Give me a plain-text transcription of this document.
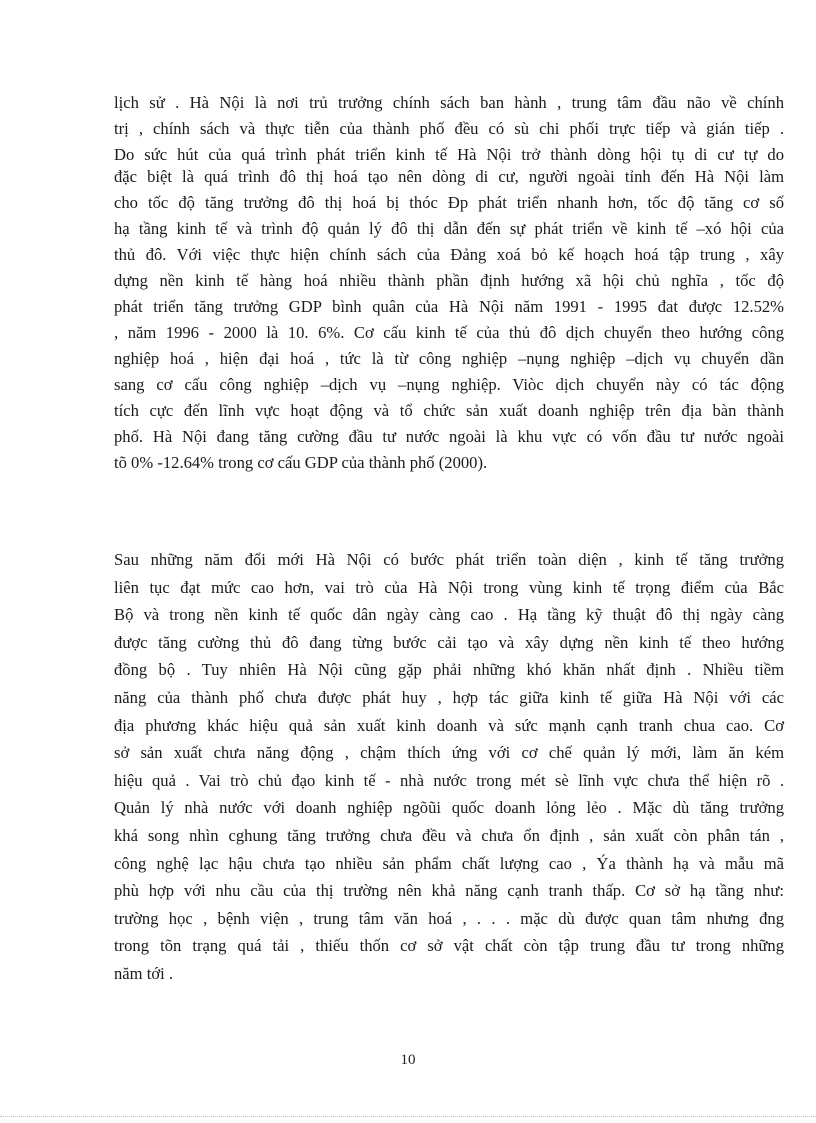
lịch sử . Hà Nội là nơi trủ trưởng chính sách ban hành , trung tâm đầu não về chính
trị , chính sách và thực tiễn của thành phố đều có sù chi phối trực tiếp và gián tiếp .
Do sức hút của quá trình phát triển kinh tế Hà Nội trở thành dòng hội tụ di cư tự do
đặc biệt là quá trình đô thị hoá tạo nên dòng di cư, người ngoài tỉnh đến Hà Nội làm
cho tốc độ tăng trưởng đô thị hoá bị thóc Đp phát triển nhanh hơn, tốc độ tăng cơ số
hạ tầng kinh tế và trình độ quản lý đô thị dẫn đến sự phát triển về kinh tế –xó hội của
thủ đô. Với việc thực hiện chính sách của Đảng xoá bỏ kế hoạch hoá tập trung , xây
dựng nền kinh tế hàng hoá nhiều thành phần định hướng xã hội chủ nghĩa , tốc độ
phát triển tăng trưởng GDP bình quân của Hà Nội năm 1991 - 1995 đat được 12.52%
, năm 1996 - 2000 là 10. 6%. Cơ cấu kinh tế của thủ đô dịch chuyển theo hướng công
nghiệp hoá , hiện đại hoá , tức là từ công nghiệp –nụng nghiệp –dịch vụ chuyển dần
sang cơ cấu công nghiệp –dịch vụ –nụng nghiệp. Viòc dịch chuyển này có tác động
tích cực đến lĩnh vực hoạt động và tổ chức sản xuất doanh nghiệp trên địa bàn thành
phố. Hà Nội đang tăng cường đầu tư nước ngoài là khu vực có vốn đầu tư nước ngoài
tõ 0% -12.64% trong cơ cấu GDP của thành phố (2000).
Sau những năm đổi mới Hà Nội có bước phát triển toàn diện , kinh tế tăng trưởng
liên tục đạt mức cao hơn, vai trò của Hà Nội trong vùng kinh tế trọng điểm của Bắc
Bộ và trong nền kinh tế quốc dân ngày càng cao . Hạ tầng kỹ thuật đô thị ngày càng
được tăng cường thủ đô đang từng bước cải tạo và xây dựng nền kinh tế theo hướng
đồng bộ . Tuy nhiên Hà Nội cũng gặp phải những khó khăn nhất định . Nhiều tiềm
năng của thành phố chưa được phát huy , hợp tác giữa kinh tế giữa Hà Nội với các
địa phương khác hiệu quả sản xuất kinh doanh và sức mạnh cạnh tranh chua cao. Cơ
sở sản xuất chưa năng động , chậm thích ứng với cơ chế quản lý mới, làm ăn kém
hiệu quả . Vai trò chủ đạo kinh tế - nhà nước trong mét sè lĩnh vực chưa thể hiện rõ .
Quản lý nhà nước với doanh nghiệp ngõũi quốc doanh lỏng lẻo . Mặc dù tăng trưởng
khá song nhìn cghung tăng trưởng chưa đều và chưa ổn định , sản xuất còn phân tán ,
công nghệ lạc hậu chưa tạo nhiều sản phẩm chất lượng cao , Ýa thành hạ và mẫu mã
phù hợp với nhu cầu của thị trường nên khả năng cạnh tranh thấp. Cơ sở hạ tầng như:
trường học , bệnh viện , trung tâm văn hoá , . . . mặc dù được quan tâm nhưng đng
trong tõn trạng quá tải , thiếu thốn cơ sở vật chất còn tập trung đầu tư trong những
năm tới .
10
